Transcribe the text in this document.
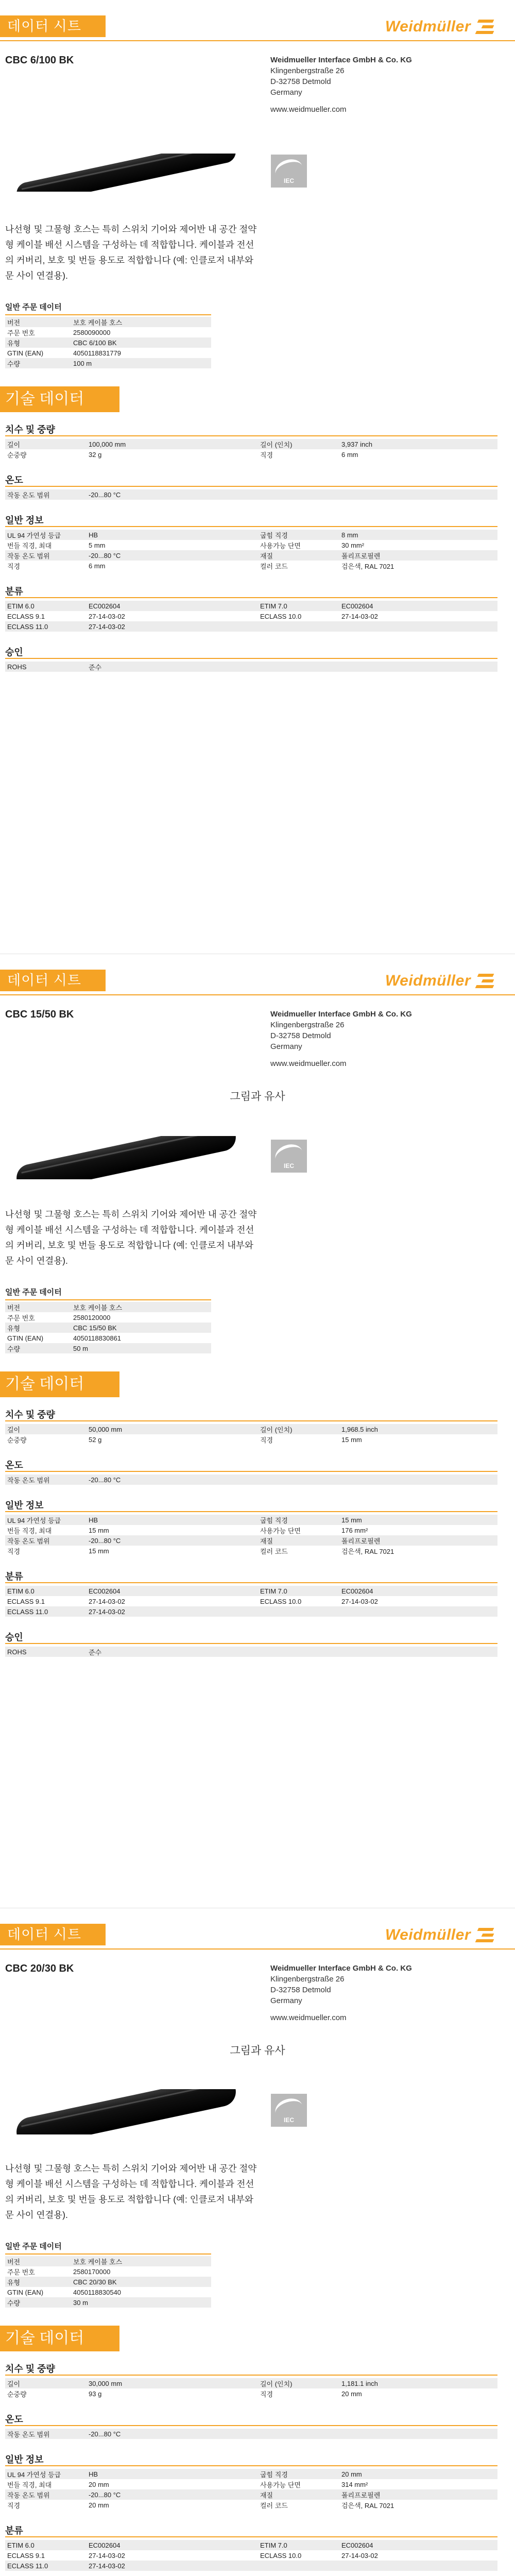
데이터 시트	Weidmüller
CBC 6/100 BK	Weidmueller Interface GmbH & Co. KG
Klingenbergstraße 26
D-32758 Detmold
Germany
www.weidmueller.com
IEC
나선형 및 그물형 호스는 특히 스위치 기어와 제어반 내 공간 절약형 케이블 배선 시스템을 구성하는 데 적합합니다. 케이블과 전선의 커버리, 보호 및 번들 용도로 적합합니다 (예: 인클로저 내부와 문 사이 연결용).
일반 주문 데이터
버전	보호 케이블 호스
주문 번호	2580090000
유형	CBC 6/100 BK
GTIN (EAN)	4050118831779
수량	100 m
기술 데이터
치수 및 중량
길이	100,000 mm	길이 (인치)	3,937 inch
순중량	32 g	직경	6 mm
온도
작동 온도 범위	-20...80 °C		
일반 정보
UL 94 가연성 등급	HB	굽힘 직경	8 mm
번들 직경, 최대	5 mm	사용가능 단면	30 mm²
작동 온도 범위	-20...80 °C	재질	폴리프로필렌
직경	6 mm	컬러 코드	검은색, RAL 7021
분류
ETIM 6.0	EC002604	ETIM 7.0	EC002604
ECLASS 9.1	27-14-03-02	ECLASS 10.0	27-14-03-02
ECLASS 11.0	27-14-03-02		
승인
ROHS	준수		
데이터 시트	Weidmüller
CBC 15/50 BK	Weidmueller Interface GmbH & Co. KG
Klingenbergstraße 26
D-32758 Detmold
Germany
www.weidmueller.com
그림과 유사
IEC
나선형 및 그물형 호스는 특히 스위치 기어와 제어반 내 공간 절약형 케이블 배선 시스템을 구성하는 데 적합합니다. 케이블과 전선의 커버리, 보호 및 번들 용도로 적합합니다 (예: 인클로저 내부와 문 사이 연결용).
일반 주문 데이터
버전	보호 케이블 호스
주문 번호	2580120000
유형	CBC 15/50 BK
GTIN (EAN)	4050118830861
수량	50 m
기술 데이터
치수 및 중량
길이	50,000 mm	길이 (인치)	1,968.5 inch
순중량	52 g	직경	15 mm
온도
작동 온도 범위	-20...80 °C		
일반 정보
UL 94 가연성 등급	HB	굽힘 직경	15 mm
번들 직경, 최대	15 mm	사용가능 단면	176 mm²
작동 온도 범위	-20...80 °C	재질	폴리프로필렌
직경	15 mm	컬러 코드	검은색, RAL 7021
분류
ETIM 6.0	EC002604	ETIM 7.0	EC002604
ECLASS 9.1	27-14-03-02	ECLASS 10.0	27-14-03-02
ECLASS 11.0	27-14-03-02		
승인
ROHS	준수		
데이터 시트	Weidmüller
CBC 20/30 BK	Weidmueller Interface GmbH & Co. KG
Klingenbergstraße 26
D-32758 Detmold
Germany
www.weidmueller.com
그림과 유사
IEC
나선형 및 그물형 호스는 특히 스위치 기어와 제어반 내 공간 절약형 케이블 배선 시스템을 구성하는 데 적합합니다. 케이블과 전선의 커버리, 보호 및 번들 용도로 적합합니다 (예: 인클로저 내부와 문 사이 연결용).
일반 주문 데이터
버전	보호 케이블 호스
주문 번호	2580170000
유형	CBC 20/30 BK
GTIN (EAN)	4050118830540
수량	30 m
기술 데이터
치수 및 중량
길이	30,000 mm	길이 (인치)	1,181.1 inch
순중량	93 g	직경	20 mm
온도
작동 온도 범위	-20...80 °C		
일반 정보
UL 94 가연성 등급	HB	굽힘 직경	20 mm
번들 직경, 최대	20 mm	사용가능 단면	314 mm²
작동 온도 범위	-20...80 °C	재질	폴리프로필렌
직경	20 mm	컬러 코드	검은색, RAL 7021
분류
ETIM 6.0	EC002604	ETIM 7.0	EC002604
ECLASS 9.1	27-14-03-02	ECLASS 10.0	27-14-03-02
ECLASS 11.0	27-14-03-02		
